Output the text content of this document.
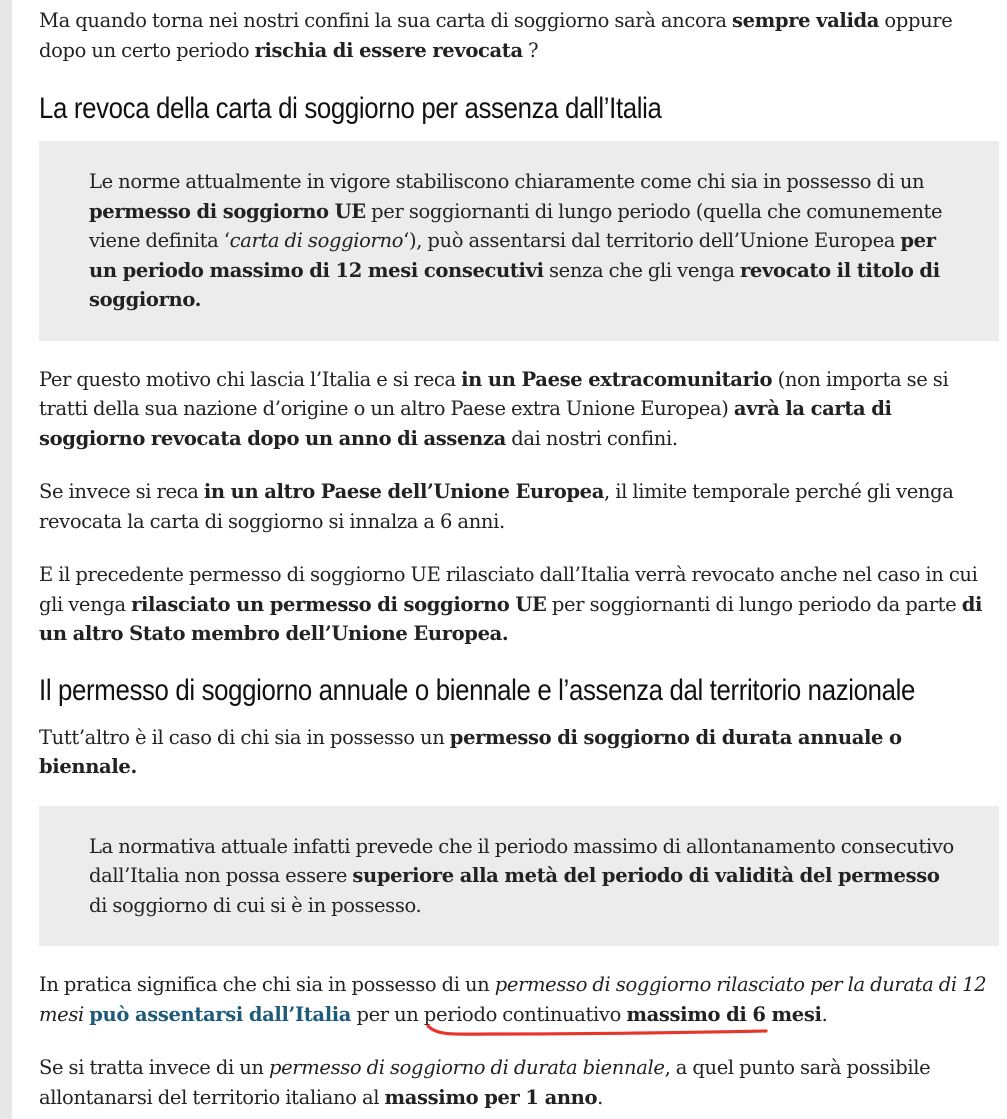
Ma quando torna nei nostri confini la sua carta di soggiorno sarà ancora sempre valida oppure dopo un certo periodo rischia di essere revocata ?

La revoca della carta di soggiorno per assenza dall’Italia

Le norme attualmente in vigore stabiliscono chiaramente come chi sia in possesso di un permesso di soggiorno UE per soggiornanti di lungo periodo (quella che comunemente viene definita ‘carta di soggiorno‘), può assentarsi dal territorio dell’Unione Europea per un periodo massimo di 12 mesi consecutivi senza che gli venga revocato il titolo di soggiorno.

Per questo motivo chi lascia l’Italia e si reca in un Paese extracomunitario (non importa se si tratti della sua nazione d’origine o un altro Paese extra Unione Europea) avrà la carta di soggiorno revocata dopo un anno di assenza dai nostri confini.

Se invece si reca in un altro Paese dell’Unione Europea, il limite temporale perché gli venga revocata la carta di soggiorno si innalza a 6 anni.

E il precedente permesso di soggiorno UE rilasciato dall’Italia verrà revocato anche nel caso in cui gli venga rilasciato un permesso di soggiorno UE per soggiornanti di lungo periodo da parte di un altro Stato membro dell’Unione Europea.

Il permesso di soggiorno annuale o biennale e l’assenza dal territorio nazionale

Tutt’altro è il caso di chi sia in possesso un permesso di soggiorno di durata annuale o biennale.

La normativa attuale infatti prevede che il periodo massimo di allontanamento consecutivo dall’Italia non possa essere superiore alla metà del periodo di validità del permesso di soggiorno di cui si è in possesso.

In pratica significa che chi sia in possesso di un permesso di soggiorno rilasciato per la durata di 12 mesi può assentarsi dall’Italia per un periodo continuativo massimo di 6 mesi.

Se si tratta invece di un permesso di soggiorno di durata biennale, a quel punto sarà possibile allontanarsi del territorio italiano al massimo per 1 anno.
